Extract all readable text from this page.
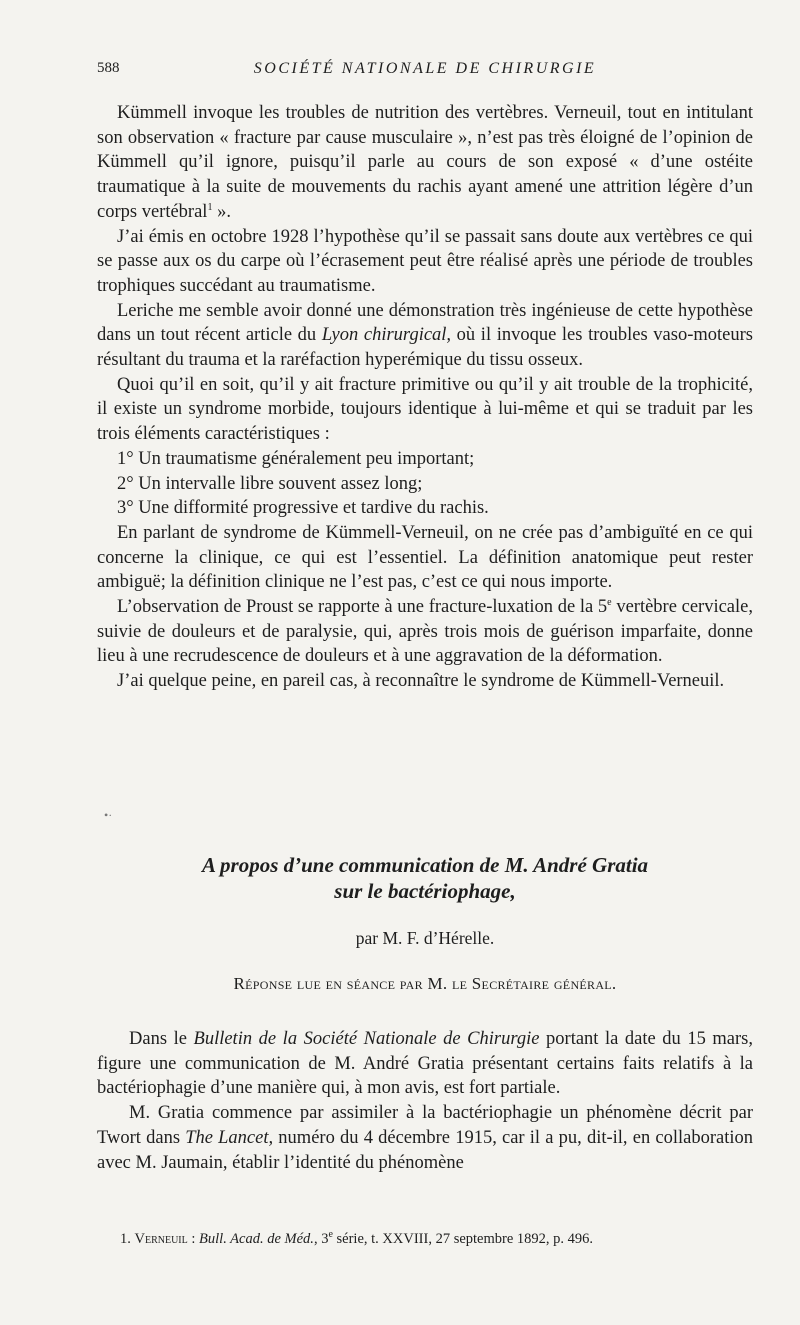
588	SOCIÉTÉ NATIONALE DE CHIRURGIE

Kümmell invoque les troubles de nutrition des vertèbres. Verneuil, tout en intitulant son observation « fracture par cause musculaire », n’est pas très éloigné de l’opinion de Kümmell qu’il ignore, puisqu’il parle au cours de son exposé « d’une ostéite traumatique à la suite de mouvements du rachis ayant amené une attrition légère d’un corps vertébral$^1$ ».

J’ai émis en octobre 1928 l’hypothèse qu’il se passait sans doute aux vertèbres ce qui se passe aux os du carpe où l’écrasement peut être réalisé après une période de troubles trophiques succédant au traumatisme.

Leriche me semble avoir donné une démonstration très ingénieuse de cette hypothèse dans un tout récent article du Lyon chirurgical, où il invoque les troubles vaso-moteurs résultant du trauma et la raréfaction hyperémique du tissu osseux.

Quoi qu’il en soit, qu’il y ait fracture primitive ou qu’il y ait trouble de la trophicité, il existe un syndrome morbide, toujours identique à lui-même et qui se traduit par les trois éléments caractéristiques :

1° Un traumatisme généralement peu important;

2° Un intervalle libre souvent assez long;

3° Une difformité progressive et tardive du rachis.

En parlant de syndrome de Kümmell-Verneuil, on ne crée pas d’ambiguïté en ce qui concerne la clinique, ce qui est l’essentiel. La définition anatomique peut rester ambiguë; la définition clinique ne l’est pas, c’est ce qui nous importe.

L’observation de Proust se rapporte à une fracture-luxation de la 5e vertèbre cervicale, suivie de douleurs et de paralysie, qui, après trois mois de guérison imparfaite, donne lieu à une recrudescence de douleurs et à une aggravation de la déformation.

J’ai quelque peine, en pareil cas, à reconnaître le syndrome de Kümmell-Verneuil.

•·
A propos d’une communication de M. André Gratia
sur le bactériophage,
par M. F. d’Hérelle.
Réponse lue en séance par M. le Secrétaire général.

Dans le Bulletin de la Société Nationale de Chirurgie portant la date du 15 mars, figure une communication de M. André Gratia présentant certains faits relatifs à la bactériophagie d’une manière qui, à mon avis, est fort partiale.

M. Gratia commence par assimiler à la bactériophagie un phénomène décrit par Twort dans The Lancet, numéro du 4 décembre 1915, car il a pu, dit-il, en collaboration avec M. Jaumain, établir l’identité du phénomène

1. Verneuil : Bull. Acad. de Méd., 3e série, t. XXVIII, 27 septembre 1892, p. 496.
